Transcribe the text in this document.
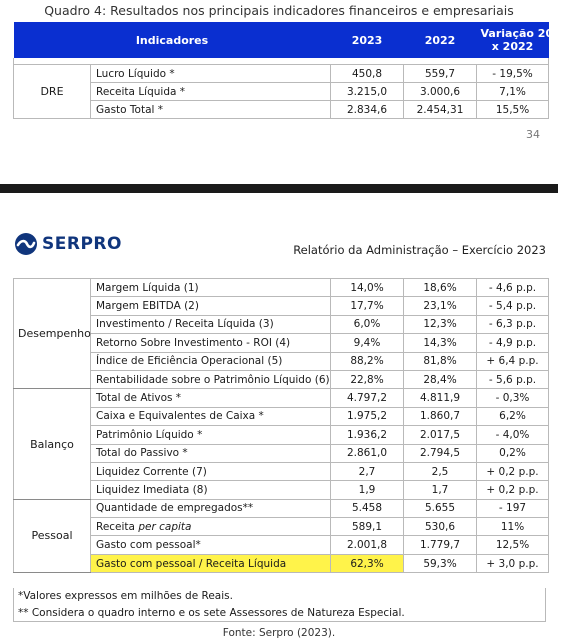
Quadro 4: Resultados nos principais indicadores financeiros e empresariais
Indicadores		2023	2022	Variação 2023
x 2022

DRE	Lucro Líquido *	450,8	559,7	- 19,5%
	Receita Líquida *	3.215,0	3.000,6	7,1%
	Gasto Total *	2.834,6	2.454,31	15,5%
34
SERPRO	Relatório da Administração – Exercício 2023
Desempenho	Margem Líquida (1)	14,0%	18,6%	- 4,6 p.p.
	Margem EBITDA (2)	17,7%	23,1%	- 5,4 p.p.
	Investimento / Receita Líquida (3)	6,0%	12,3%	- 6,3 p.p.
	Retorno Sobre Investimento - ROI (4)	9,4%	14,3%	- 4,9 p.p.
	Índice de Eficiência Operacional (5)	88,2%	81,8%	+ 6,4 p.p.
	Rentabilidade sobre o Patrimônio Líquido (6)	22,8%	28,4%	- 5,6 p.p.
Balanço	Total de Ativos *	4.797,2	4.811,9	- 0,3%
	Caixa e Equivalentes de Caixa *	1.975,2	1.860,7	6,2%
	Patrimônio Líquido *	1.936,2	2.017,5	- 4,0%
	Total do Passivo *	2.861,0	2.794,5	0,2%
	Liquidez Corrente (7)	2,7	2,5	+ 0,2 p.p.
	Liquidez Imediata (8)	1,9	1,7	+ 0,2 p.p.
Pessoal	Quantidade de empregados**	5.458	5.655	- 197
	Receita per capita	589,1	530,6	11%
	Gasto com pessoal*	2.001,8	1.779,7	12,5%
	Gasto com pessoal / Receita Líquida	62,3%	59,3%	+ 3,0 p.p.
*Valores expressos em milhões de Reais.
** Considera o quadro interno e os sete Assessores de Natureza Especial.
Fonte: Serpro (2023).
